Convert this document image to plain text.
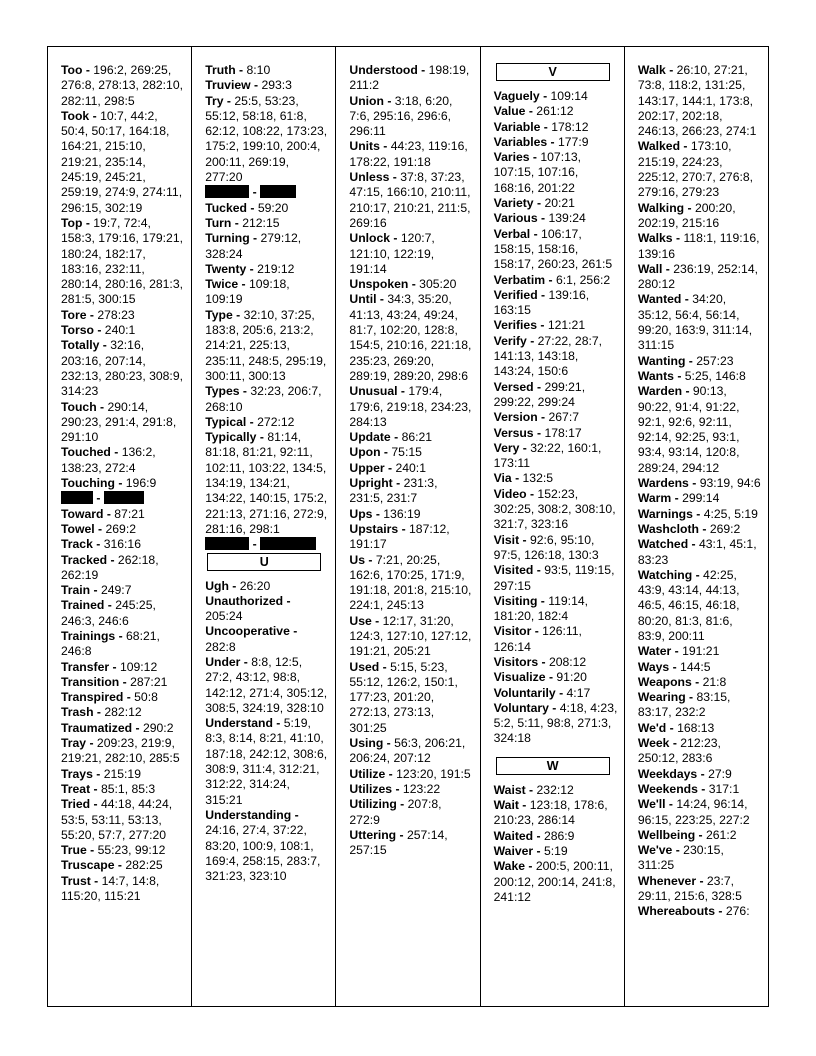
Too - 196:2, 269:25, 276:8, 278:13, 282:10, 282:11, 298:5
Took - 10:7, 44:2, 50:4, 50:17, 164:18, 164:21, 215:10, 219:21, 235:14, 245:19, 245:21, 259:19, 274:9, 274:11, 296:15, 302:19
Top - 19:7, 72:4, 158:3, 179:16, 179:21, 180:24, 182:17, 183:16, 232:11, 280:14, 280:16, 281:3, 281:5, 300:15
Tore - 278:23
Torso - 240:1
Totally - 32:16, 203:16, 207:14, 232:13, 280:23, 308:9, 314:23
Touch - 290:14, 290:23, 291:4, 291:8, 291:10
Touched - 136:2, 138:23, 272:4
Touching - 196:9
-
Toward - 87:21
Towel - 269:2
Track - 316:16
Tracked - 262:18, 262:19
Train - 249:7
Trained - 245:25, 246:3, 246:6
Trainings - 68:21, 246:8
Transfer - 109:12
Transition - 287:21
Transpired - 50:8
Trash - 282:12
Traumatized - 290:2
Tray - 209:23, 219:9, 219:21, 282:10, 285:5
Trays - 215:19
Treat - 85:1, 85:3
Tried - 44:18, 44:24, 53:5, 53:11, 53:13, 55:20, 57:7, 277:20
True - 55:23, 99:12
Truscape - 282:25
Trust - 14:7, 14:8, 115:20, 115:21
Truth - 8:10
Truview - 293:3
Try - 25:5, 53:23, 55:12, 58:18, 61:8, 62:12, 108:22, 173:23, 175:2, 199:10, 200:4, 200:11, 269:19, 277:20
-
Tucked - 59:20
Turn - 212:15
Turning - 279:12, 328:24
Twenty - 219:12
Twice - 109:18, 109:19
Type - 32:10, 37:25, 183:8, 205:6, 213:2, 214:21, 225:13, 235:11, 248:5, 295:19, 300:11, 300:13
Types - 32:23, 206:7, 268:10
Typical - 272:12
Typically - 81:14, 81:18, 81:21, 92:11, 102:11, 103:22, 134:5, 134:19, 134:21, 134:22, 140:15, 175:2, 221:13, 271:16, 272:9, 281:16, 298:1
-
U
Ugh - 26:20
Unauthorized - 205:24
Uncooperative - 282:8
Under - 8:8, 12:5, 27:2, 43:12, 98:8, 142:12, 271:4, 305:12, 308:5, 324:19, 328:10
Understand - 5:19, 8:3, 8:14, 8:21, 41:10, 187:18, 242:12, 308:6, 308:9, 311:4, 312:21, 312:22, 314:24, 315:21
Understanding - 24:16, 27:4, 37:22, 83:20, 100:9, 108:1, 169:4, 258:15, 283:7, 321:23, 323:10
Understood - 198:19, 211:2
Union - 3:18, 6:20, 7:6, 295:16, 296:6, 296:11
Units - 44:23, 119:16, 178:22, 191:18
Unless - 37:8, 37:23, 47:15, 166:10, 210:11, 210:17, 210:21, 211:5, 269:16
Unlock - 120:7, 121:10, 122:19, 191:14
Unspoken - 305:20
Until - 34:3, 35:20, 41:13, 43:24, 49:24, 81:7, 102:20, 128:8, 154:5, 210:16, 221:18, 235:23, 269:20, 289:19, 289:20, 298:6
Unusual - 179:4, 179:6, 219:18, 234:23, 284:13
Update - 86:21
Upon - 75:15
Upper - 240:1
Upright - 231:3, 231:5, 231:7
Ups - 136:19
Upstairs - 187:12, 191:17
Us - 7:21, 20:25, 162:6, 170:25, 171:9, 191:18, 201:8, 215:10, 224:1, 245:13
Use - 12:17, 31:20, 124:3, 127:10, 127:12, 191:21, 205:21
Used - 5:15, 5:23, 55:12, 126:2, 150:1, 177:23, 201:20, 272:13, 273:13, 301:25
Using - 56:3, 206:21, 206:24, 207:12
Utilize - 123:20, 191:5
Utilizes - 123:22
Utilizing - 207:8, 272:9
Uttering - 257:14, 257:15
V
Vaguely - 109:14
Value - 261:12
Variable - 178:12
Variables - 177:9
Varies - 107:13, 107:15, 107:16, 168:16, 201:22
Variety - 20:21
Various - 139:24
Verbal - 106:17, 158:15, 158:16, 158:17, 260:23, 261:5
Verbatim - 6:1, 256:2
Verified - 139:16, 163:15
Verifies - 121:21
Verify - 27:22, 28:7, 141:13, 143:18, 143:24, 150:6
Versed - 299:21, 299:22, 299:24
Version - 267:7
Versus - 178:17
Very - 32:22, 160:1, 173:11
Via - 132:5
Video - 152:23, 302:25, 308:2, 308:10, 321:7, 323:16
Visit - 92:6, 95:10, 97:5, 126:18, 130:3
Visited - 93:5, 119:15, 297:15
Visiting - 119:14, 181:20, 182:4
Visitor - 126:11, 126:14
Visitors - 208:12
Visualize - 91:20
Voluntarily - 4:17
Voluntary - 4:18, 4:23, 5:2, 5:11, 98:8, 271:3, 324:18
W
Waist - 232:12
Wait - 123:18, 178:6, 210:23, 286:14
Waited - 286:9
Waiver - 5:19
Wake - 200:5, 200:11, 200:12, 200:14, 241:8, 241:12
Walk - 26:10, 27:21, 73:8, 118:2, 131:25, 143:17, 144:1, 173:8, 202:17, 202:18, 246:13, 266:23, 274:1
Walked - 173:10, 215:19, 224:23, 225:12, 270:7, 276:8, 279:16, 279:23
Walking - 200:20, 202:19, 215:16
Walks - 118:1, 119:16, 139:16
Wall - 236:19, 252:14, 280:12
Wanted - 34:20, 35:12, 56:4, 56:14, 99:20, 163:9, 311:14, 311:15
Wanting - 257:23
Wants - 5:25, 146:8
Warden - 90:13, 90:22, 91:4, 91:22, 92:1, 92:6, 92:11, 92:14, 92:25, 93:1, 93:4, 93:14, 120:8, 289:24, 294:12
Wardens - 93:19, 94:6
Warm - 299:14
Warnings - 4:25, 5:19
Washcloth - 269:2
Watched - 43:1, 45:1, 83:23
Watching - 42:25, 43:9, 43:14, 44:13, 46:5, 46:15, 46:18, 80:20, 81:3, 81:6, 83:9, 200:11
Water - 191:21
Ways - 144:5
Weapons - 21:8
Wearing - 83:15, 83:17, 232:2
We'd - 168:13
Week - 212:23, 250:12, 283:6
Weekdays - 27:9
Weekends - 317:1
We'll - 14:24, 96:14, 96:15, 223:25, 227:2
Wellbeing - 261:2
We've - 230:15, 311:25
Whenever - 23:7, 29:11, 215:6, 328:5
Whereabouts - 276:
